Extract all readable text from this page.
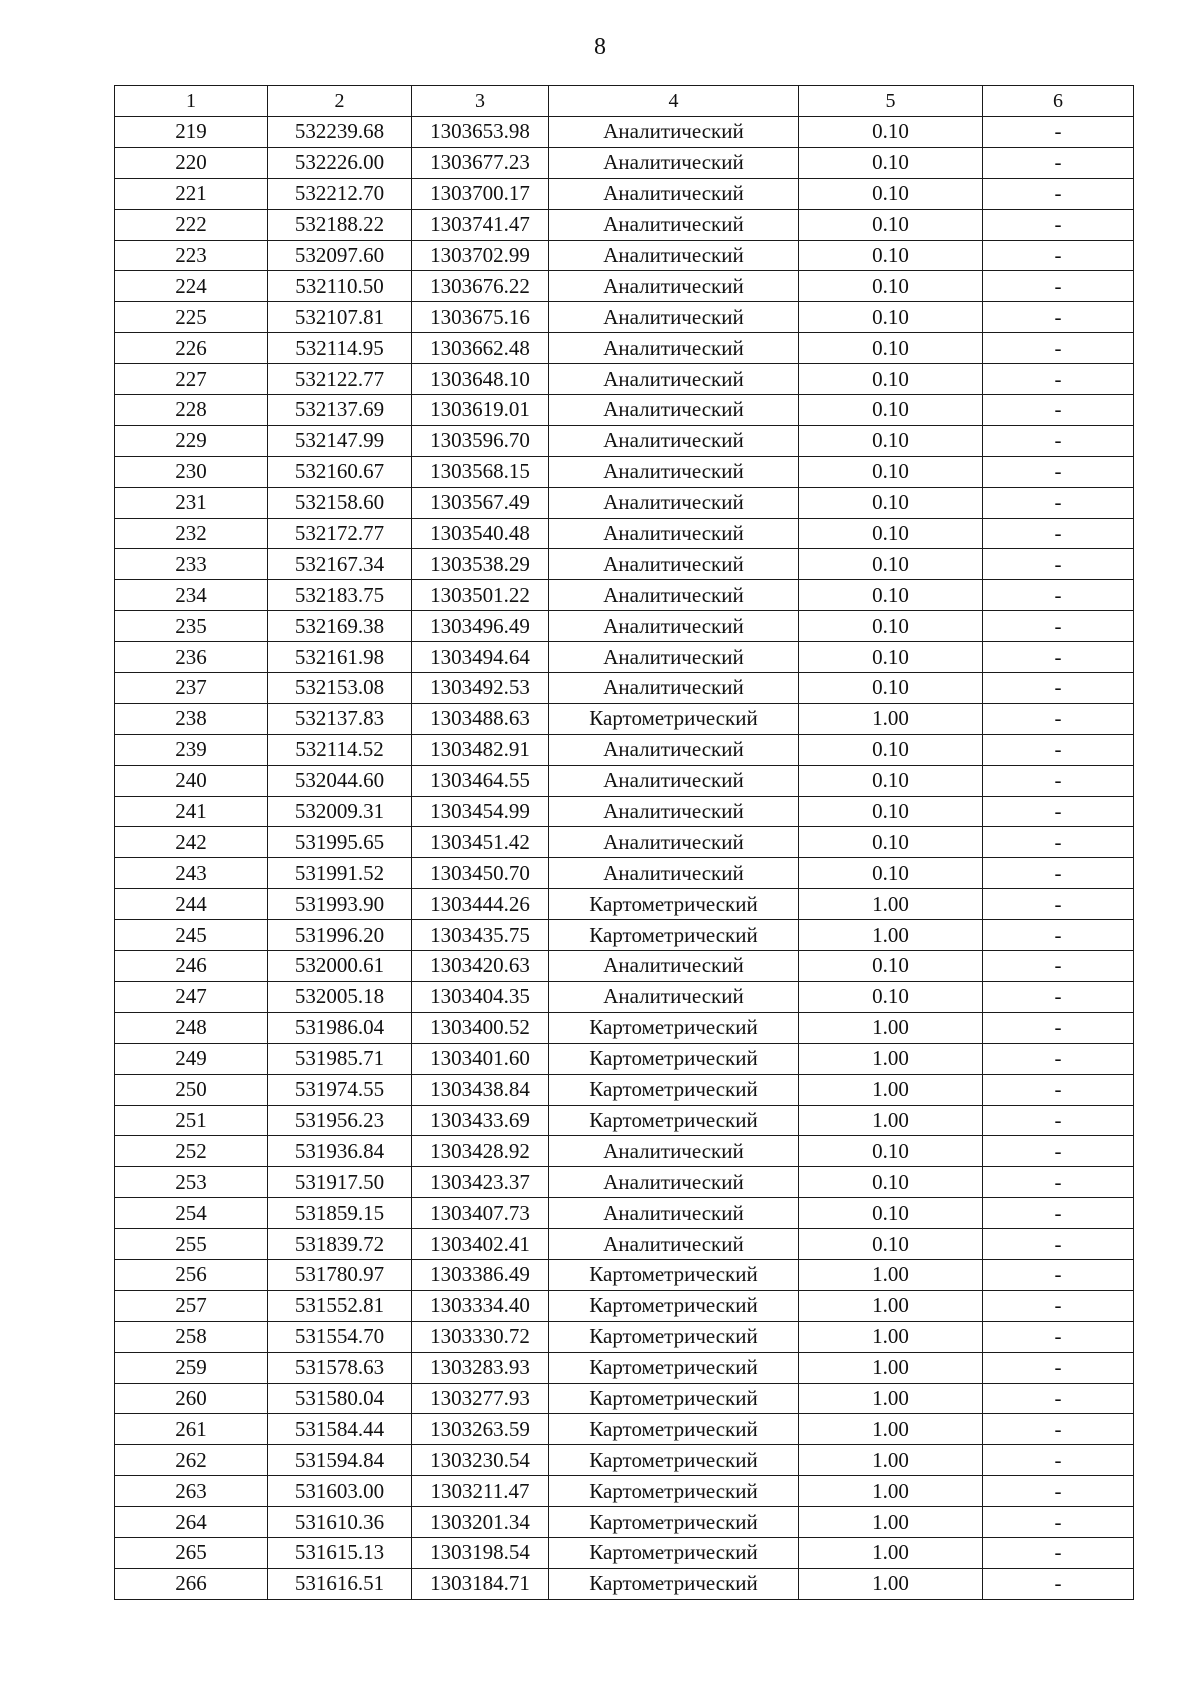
8
1	2	3	4	5	6
219	532239.68	1303653.98	Аналитический	0.10	-
220	532226.00	1303677.23	Аналитический	0.10	-
221	532212.70	1303700.17	Аналитический	0.10	-
222	532188.22	1303741.47	Аналитический	0.10	-
223	532097.60	1303702.99	Аналитический	0.10	-
224	532110.50	1303676.22	Аналитический	0.10	-
225	532107.81	1303675.16	Аналитический	0.10	-
226	532114.95	1303662.48	Аналитический	0.10	-
227	532122.77	1303648.10	Аналитический	0.10	-
228	532137.69	1303619.01	Аналитический	0.10	-
229	532147.99	1303596.70	Аналитический	0.10	-
230	532160.67	1303568.15	Аналитический	0.10	-
231	532158.60	1303567.49	Аналитический	0.10	-
232	532172.77	1303540.48	Аналитический	0.10	-
233	532167.34	1303538.29	Аналитический	0.10	-
234	532183.75	1303501.22	Аналитический	0.10	-
235	532169.38	1303496.49	Аналитический	0.10	-
236	532161.98	1303494.64	Аналитический	0.10	-
237	532153.08	1303492.53	Аналитический	0.10	-
238	532137.83	1303488.63	Картометрический	1.00	-
239	532114.52	1303482.91	Аналитический	0.10	-
240	532044.60	1303464.55	Аналитический	0.10	-
241	532009.31	1303454.99	Аналитический	0.10	-
242	531995.65	1303451.42	Аналитический	0.10	-
243	531991.52	1303450.70	Аналитический	0.10	-
244	531993.90	1303444.26	Картометрический	1.00	-
245	531996.20	1303435.75	Картометрический	1.00	-
246	532000.61	1303420.63	Аналитический	0.10	-
247	532005.18	1303404.35	Аналитический	0.10	-
248	531986.04	1303400.52	Картометрический	1.00	-
249	531985.71	1303401.60	Картометрический	1.00	-
250	531974.55	1303438.84	Картометрический	1.00	-
251	531956.23	1303433.69	Картометрический	1.00	-
252	531936.84	1303428.92	Аналитический	0.10	-
253	531917.50	1303423.37	Аналитический	0.10	-
254	531859.15	1303407.73	Аналитический	0.10	-
255	531839.72	1303402.41	Аналитический	0.10	-
256	531780.97	1303386.49	Картометрический	1.00	-
257	531552.81	1303334.40	Картометрический	1.00	-
258	531554.70	1303330.72	Картометрический	1.00	-
259	531578.63	1303283.93	Картометрический	1.00	-
260	531580.04	1303277.93	Картометрический	1.00	-
261	531584.44	1303263.59	Картометрический	1.00	-
262	531594.84	1303230.54	Картометрический	1.00	-
263	531603.00	1303211.47	Картометрический	1.00	-
264	531610.36	1303201.34	Картометрический	1.00	-
265	531615.13	1303198.54	Картометрический	1.00	-
266	531616.51	1303184.71	Картометрический	1.00	-
